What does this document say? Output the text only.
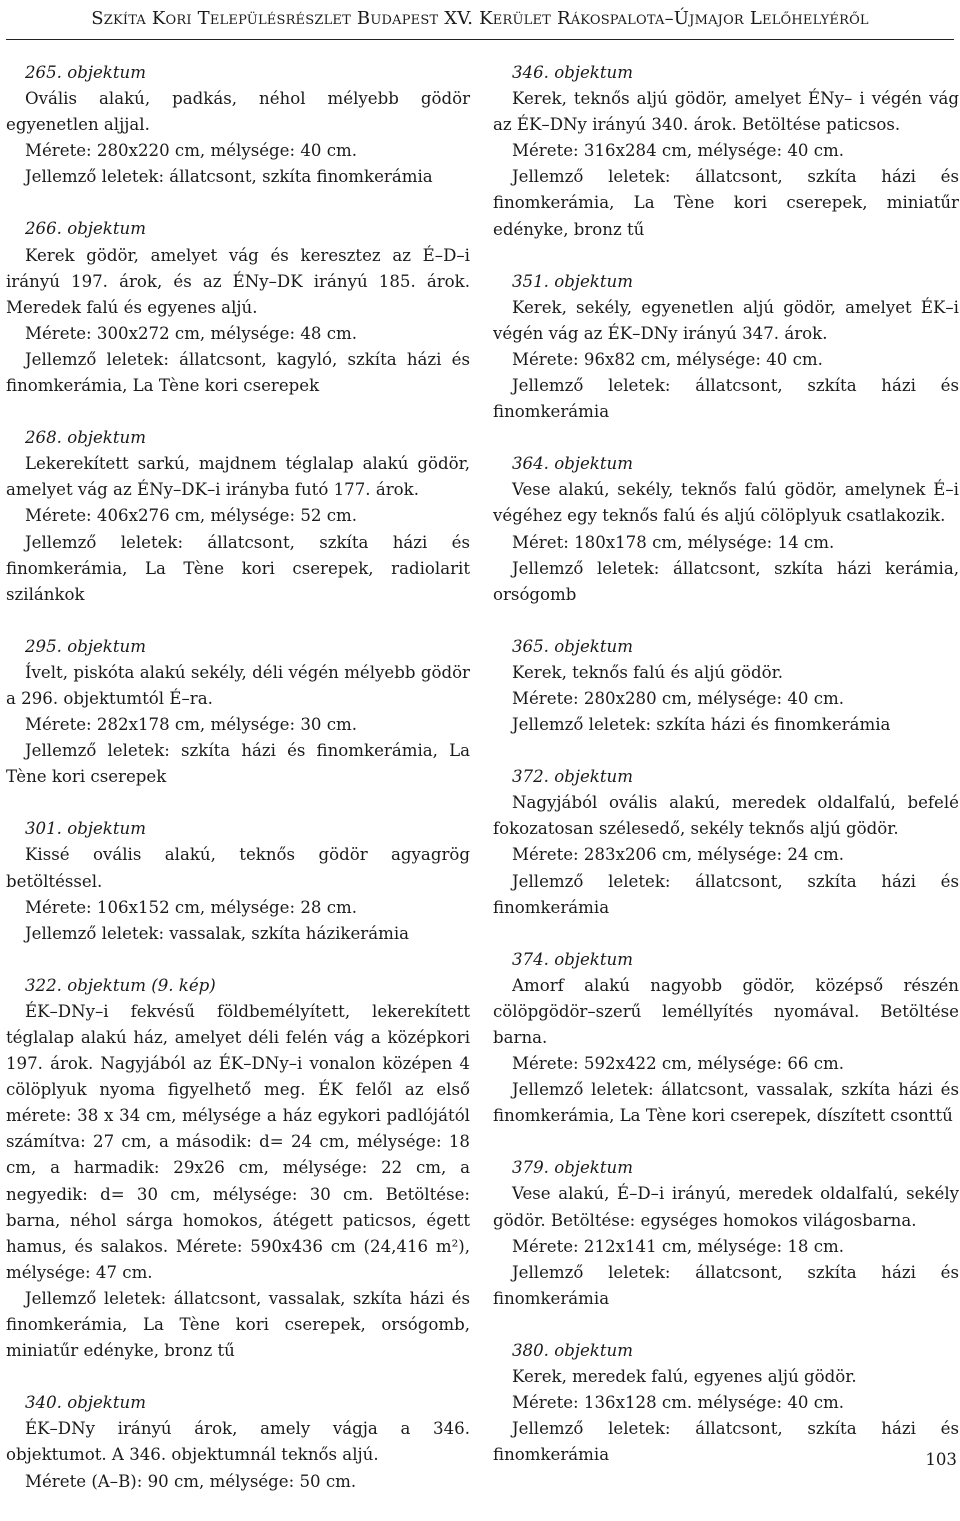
Szkíta Kori Településrészlet Budapest XV. Kerület Rákospalota–Újmajor Lelőhelyéről

265. objektum

Ovális alakú, padkás, néhol mélyebb gödör egyenetlen aljjal.

Mérete: 280x220 cm, mélysége: 40 cm.

Jellemző leletek: állatcsont, szkíta finomkerámia

266. objektum

Kerek gödör, amelyet vág és keresztez az É–D–i irányú 197. árok, és az ÉNy–DK irányú 185. árok. Meredek falú és egyenes aljú.

Mérete: 300x272 cm, mélysége: 48 cm.

Jellemző leletek: állatcsont, kagyló, szkíta házi és finomkerámia, La Tène kori cserepek

268. objektum

Lekerekített sarkú, majdnem téglalap alakú gödör, amelyet vág az ÉNy–DK–i irányba futó 177. árok.

Mérete: 406x276 cm, mélysége: 52 cm.

Jellemző leletek: állatcsont, szkíta házi és finomkerámia, La Tène kori cserepek, radiolarit szilánkok

295. objektum

Ívelt, piskóta alakú sekély, déli végén mélyebb gödör a 296. objektumtól É–ra.

Mérete: 282x178 cm, mélysége: 30 cm.

Jellemző leletek: szkíta házi és finomkerámia, La Tène kori cserepek

301. objektum

Kissé ovális alakú, teknős gödör agyagrög betöltéssel.

Mérete: 106x152 cm, mélysége: 28 cm.

Jellemző leletek: vassalak, szkíta házikerámia

322. objektum (9. kép)

ÉK–DNy–i fekvésű földbemélyített, lekerekített téglalap alakú ház, amelyet déli felén vág a középkori 197. árok. Nagyjából az ÉK–DNy–i vonalon középen 4 cölöplyuk nyoma figyelhető meg. ÉK felől az első mérete: 38 x 34 cm, mélysége a ház egykori padlójától számítva: 27 cm, a második: d= 24 cm, mélysége: 18 cm, a harmadik: 29x26 cm, mélysége: 22 cm, a negyedik: d= 30 cm, mélysége: 30 cm. Betöltése: barna, néhol sárga homokos, átégett paticsos, égett hamus, és salakos. Mérete: 590x436 cm (24,416 m²), mélysége: 47 cm.

Jellemző leletek: állatcsont, vassalak, szkíta házi és finomkerámia, La Tène kori cserepek, orsógomb, miniatűr edénykе, bronz tű

340. objektum

ÉK–DNy irányú árok, amely vágja a 346. objektumot. A 346. objektumnál teknős aljú.

Mérete (A–B): 90 cm, mélysége: 50 cm.

346. objektum

Kerek, teknős aljú gödör, amelyet ÉNy– i végén vág az ÉK–DNy irányú 340. árok. Betöltése paticsos.

Mérete: 316x284 cm, mélysége: 40 cm.

Jellemző leletek: állatcsont, szkíta házi és finomkerámia, La Tène kori cserepek, miniatűr edénykе, bronz tű

351. objektum

Kerek, sekély, egyenetlen aljú gödör, amelyet ÉK–i végén vág az ÉK–DNy irányú 347. árok.

Mérete: 96x82 cm, mélysége: 40 cm.

Jellemző leletek: állatcsont, szkíta házi és finomkerámia

364. objektum

Vese alakú, sekély, teknős falú gödör, amelynek É–i végéhez egy teknős falú és aljú cölöplyuk csatlakozik.

Méret: 180x178 cm, mélysége: 14 cm.

Jellemző leletek: állatcsont, szkíta házi kerámia, orsógomb

365. objektum

Kerek, teknős falú és aljú gödör.

Mérete: 280x280 cm, mélysége: 40 cm.

Jellemző leletek: szkíta házi és finomkerámia

372. objektum

Nagyjából ovális alakú, meredek oldalfalú, befelé fokozatosan szélesedő, sekély teknős aljú gödör.

Mérete: 283x206 cm, mélysége: 24 cm.

Jellemző leletek: állatcsont, szkíta házi és finomkerámia

374. objektum

Amorf alakú nagyobb gödör, középső részén cölöpgödör–szerű leméllyítés nyomával. Betöltése barna.

Mérete: 592x422 cm, mélysége: 66 cm.

Jellemző leletek: állatcsont, vassalak, szkíta házi és finomkerámia, La Tène kori cserepek, díszített csonttű

379. objektum

Vese alakú, É–D–i irányú, meredek oldalfalú, sekély gödör. Betöltése: egységes homokos világosbarna.

Mérete: 212x141 cm, mélysége: 18 cm.

Jellemző leletek: állatcsont, szkíta házi és finomkerámia

380. objektum

Kerek, meredek falú, egyenes aljú gödör.

Mérete: 136x128 cm. mélysége: 40 cm.

Jellemző leletek: állatcsont, szkíta házi és finomkerámia	103
